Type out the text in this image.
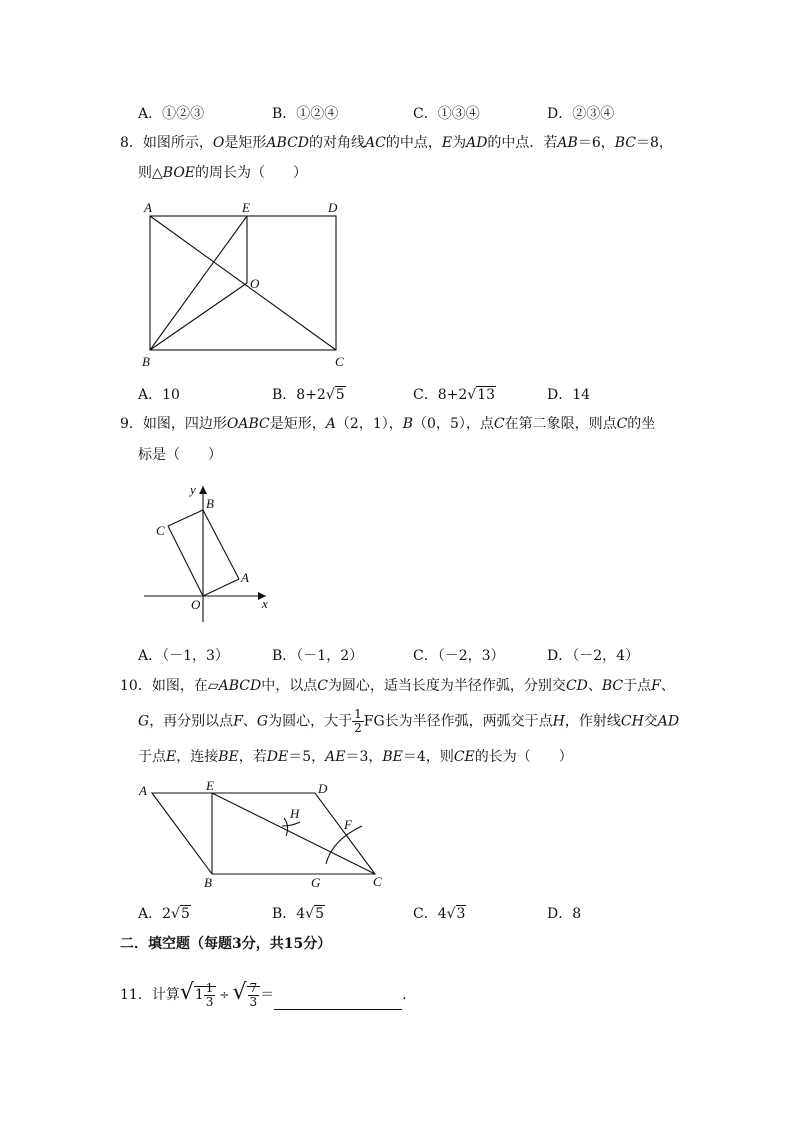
A．①②③	B．①②④	C．①③④	D．②③④
8．如图所示，O是矩形ABCD的对角线AC的中点，E为AD的中点．若AB＝6，BC＝8，
则△BOE的周长为（　　）
A	E	D
O
B	C
A．10	B．8+2√5	C．8+2√13	D．14
9．如图，四边形OABC是矩形，A（2，1），B（0，5），点C在第二象限，则点C的坐
标是（　　）
y
x
B
C
A
O
A．（－1，3）	B．（－1，2）	C．（－2，3）	D．（－2，4）
10．如图，在▱ABCD中，以点C为圆心，适当长度为半径作弧，分别交CD、BC于点F、
G，再分别以点F、G为圆心，大于 $\frac{1}{2}$ FG长为半径作弧，两弧交于点H，作射线CH交AD
于点E，连接BE，若DE＝5，AE＝3，BE＝4，则CE的长为（　　）
A	E	D
H
F
B	G	C
A．2√5	B．4√5	C．4√3	D．8
二．填空题（每题3分，共15分）
11．计算$√1 \frac{1}{3}$ ÷ √ $\frac{7}{3}$ ＝	.
